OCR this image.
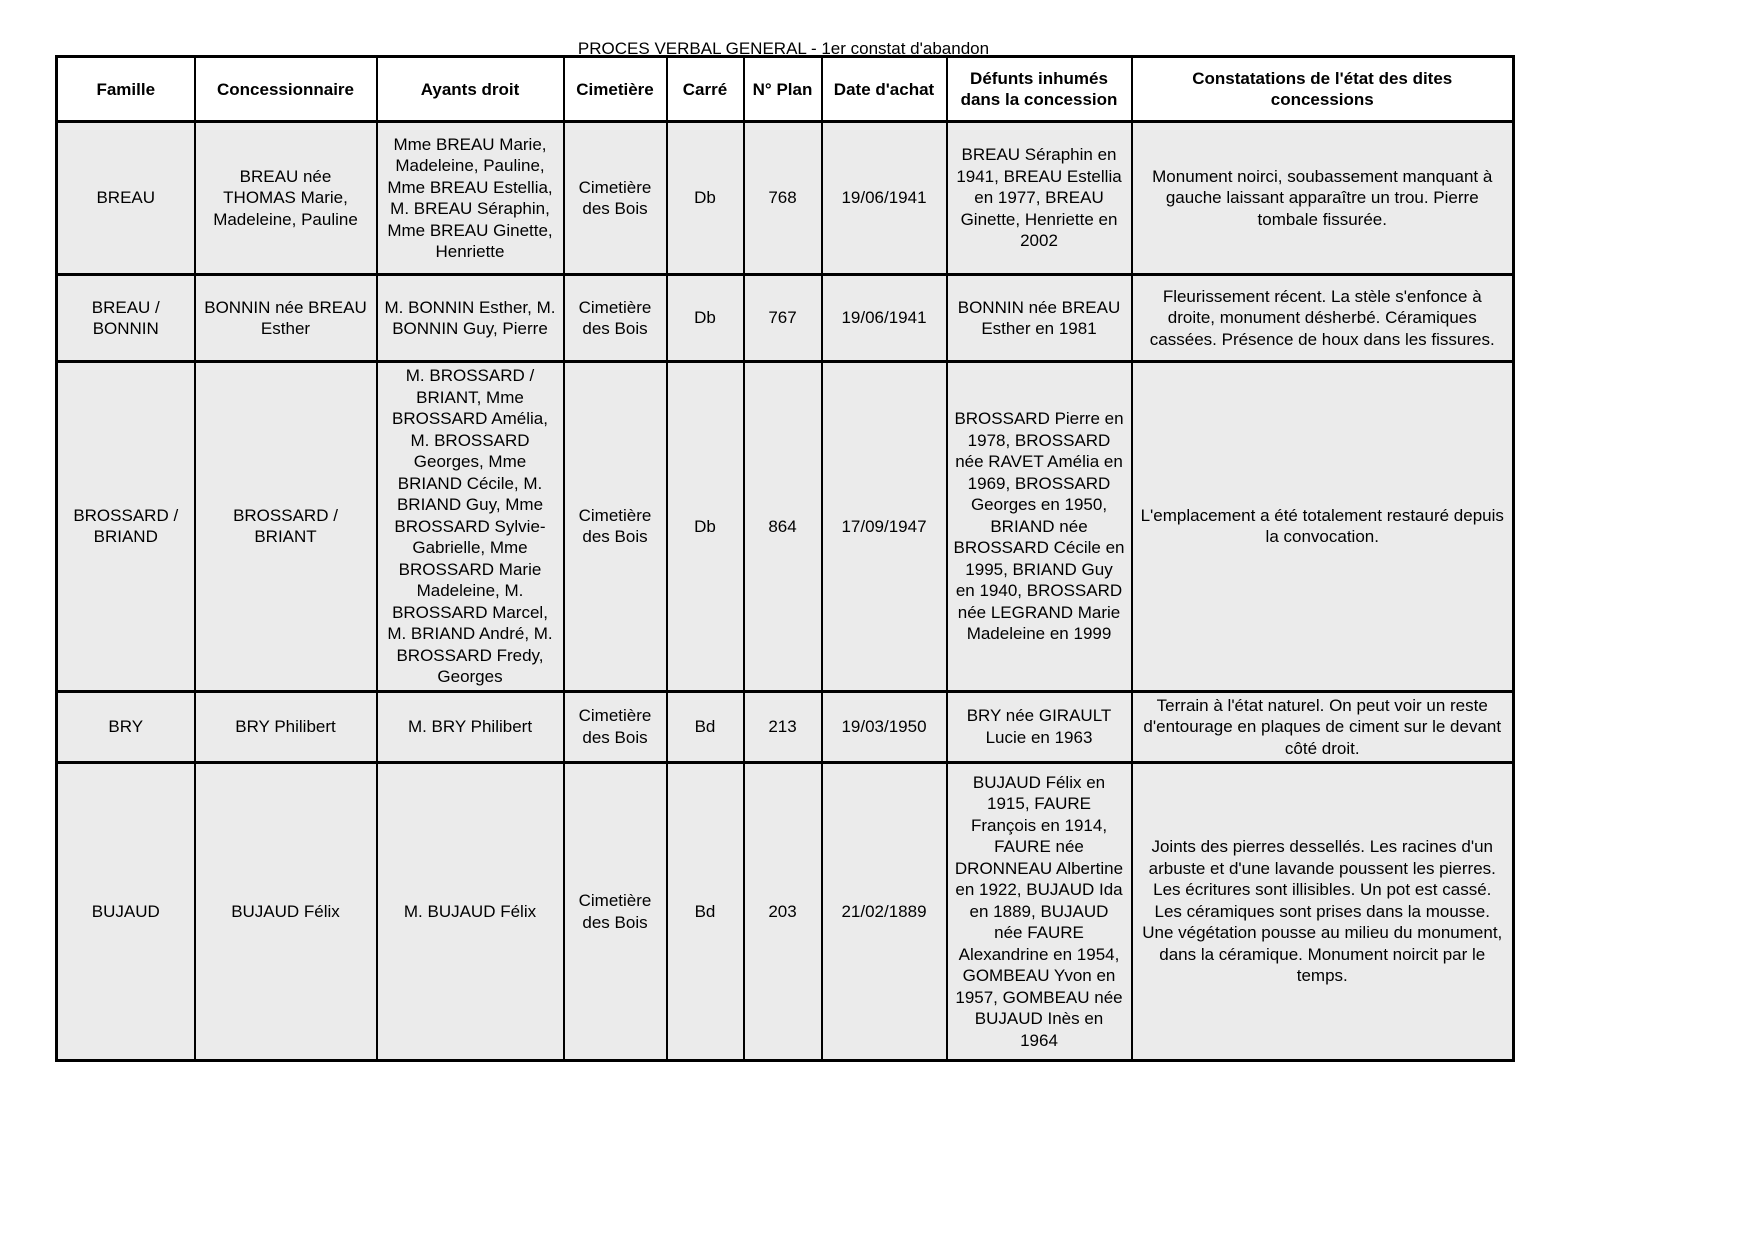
PROCES VERBAL GENERAL - 1er constat d'abandon
Famille	Concessionnaire	Ayants droit	Cimetière	Carré	N° Plan	Date d'achat	Défunts inhumés dans la concession	Constatations de l'état des dites concessions
BREAU	BREAU née THOMAS Marie, Madeleine, Pauline	Mme BREAU Marie, Madeleine, Pauline, Mme BREAU Estellia, M. BREAU Séraphin, Mme BREAU Ginette, Henriette	Cimetière des Bois	Db	768	19/06/1941	BREAU Séraphin en 1941, BREAU Estellia en 1977, BREAU Ginette, Henriette en 2002	Monument noirci, soubassement manquant à gauche laissant apparaître un trou. Pierre tombale fissurée.
BREAU / BONNIN	BONNIN née BREAU Esther	M. BONNIN Esther, M. BONNIN Guy, Pierre	Cimetière des Bois	Db	767	19/06/1941	BONNIN née BREAU Esther en 1981	Fleurissement récent. La stèle s'enfonce à droite, monument désherbé. Céramiques cassées. Présence de houx dans les fissures.
BROSSARD / BRIAND	BROSSARD / BRIANT	M. BROSSARD / BRIANT, Mme BROSSARD Amélia, M. BROSSARD Georges, Mme BRIAND Cécile, M. BRIAND Guy, Mme BROSSARD Sylvie-Gabrielle, Mme BROSSARD Marie Madeleine, M. BROSSARD Marcel, M. BRIAND André, M. BROSSARD Fredy, Georges	Cimetière des Bois	Db	864	17/09/1947	BROSSARD Pierre en 1978, BROSSARD née RAVET Amélia en 1969, BROSSARD Georges en 1950, BRIAND née BROSSARD Cécile en 1995, BRIAND Guy en 1940, BROSSARD née LEGRAND Marie Madeleine en 1999	L'emplacement a été totalement restauré depuis la convocation.
BRY	BRY Philibert	M. BRY Philibert	Cimetière des Bois	Bd	213	19/03/1950	BRY née GIRAULT Lucie en 1963	Terrain à l'état naturel. On peut voir un reste d'entourage en plaques de ciment sur le devant côté droit.
BUJAUD	BUJAUD Félix	M. BUJAUD Félix	Cimetière des Bois	Bd	203	21/02/1889	BUJAUD Félix en 1915, FAURE François en 1914, FAURE née DRONNEAU Albertine en 1922, BUJAUD Ida en 1889, BUJAUD née FAURE Alexandrine en 1954, GOMBEAU Yvon en 1957, GOMBEAU née BUJAUD Inès en 1964	Joints des pierres dessellés. Les racines d'un arbuste et d'une lavande poussent les pierres. Les écritures sont illisibles. Un pot est cassé. Les céramiques sont prises dans la mousse. Une végétation pousse au milieu du monument, dans la céramique. Monument noircit par le temps.
